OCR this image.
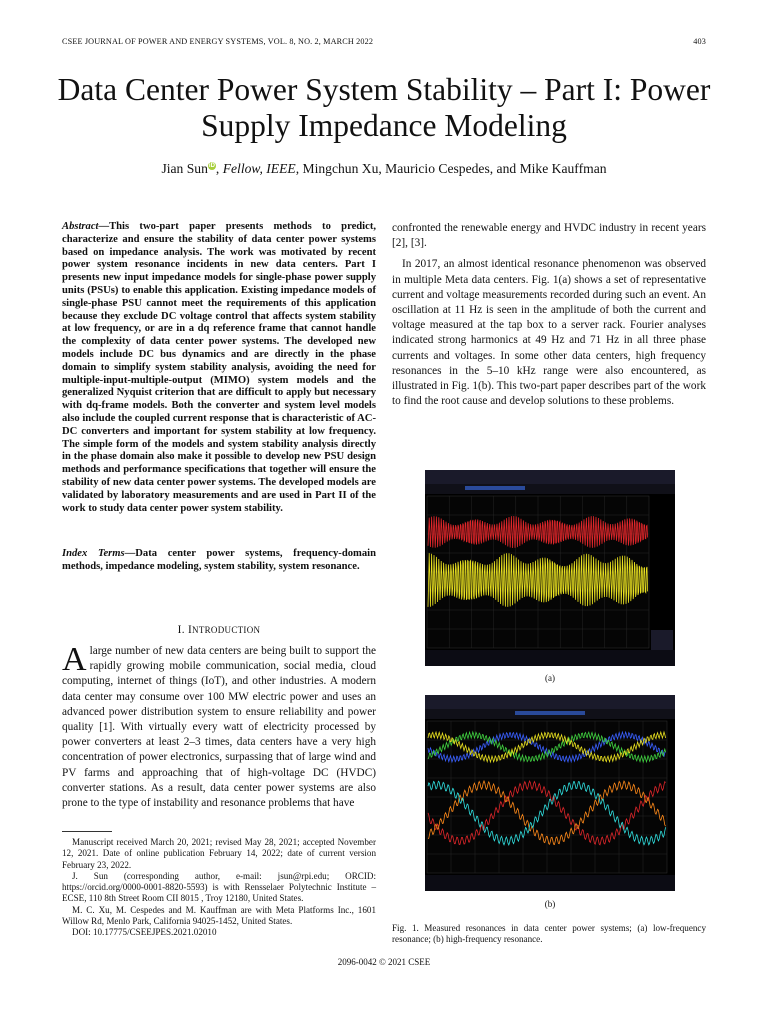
CSEE JOURNAL OF POWER AND ENERGY SYSTEMS, VOL. 8, NO. 2, MARCH 2022	403
Data Center Power System Stability – Part I: Power Supply Impedance Modeling
Jian SuniD, Fellow, IEEE, Mingchun Xu, Mauricio Cespedes, and Mike Kauffman
Abstract—This two-part paper presents methods to predict, characterize and ensure the stability of data center power systems based on impedance analysis. The work was motivated by recent power system resonance incidents in new data centers. Part I presents new input impedance models for single-phase power supply units (PSUs) to enable this application. Existing impedance models of single-phase PSU cannot meet the requirements of this application because they exclude DC voltage control that affects system stability at low frequency, or are in a dq reference frame that cannot handle the complexity of data center power systems. The developed new models include DC bus dynamics and are directly in the phase domain to simplify system stability analysis, avoiding the need for multiple-input-multiple-output (MIMO) system models and the generalized Nyquist criterion that are difficult to apply but necessary with dq-frame models. Both the converter and system level models also include the coupled current response that is characteristic of AC-DC converters and important for system stability at low frequency. The simple form of the models and system stability analysis directly in the phase domain also make it possible to develop new PSU design methods and performance specifications that together will ensure the stability of new data center power systems. The developed models are validated by laboratory measurements and are used in Part II of the work to study data center power system stability.
Index Terms—Data center power systems, frequency-domain methods, impedance modeling, system stability, system resonance.
I. INTRODUCTION
A large number of new data centers are being built to support the rapidly growing mobile communication, social media, cloud computing, internet of things (IoT), and other industries. A modern data center may consume over 100 MW electric power and uses an advanced power distribution system to ensure reliability and power quality [1]. With virtually every watt of electricity processed by power converters at least 2–3 times, data centers have a very high concentration of power electronics, surpassing that of large wind and PV farms and approaching that of high-voltage DC (HVDC) converter stations. As a result, data center power systems are also prone to the type of instability and resonance problems that have

Manuscript received March 20, 2021; revised May 28, 2021; accepted November 12, 2021. Date of online publication February 14, 2022; date of current version February 23, 2022.

J. Sun (corresponding author, e-mail: jsun@rpi.edu; ORCID: https://orcid.org/0000-0001-8820-5593) is with Rensselaer Polytechnic Institute – ECSE, 110 8th Street Room CII 8015 , Troy 12180, United States.

M. C. Xu, M. Cespedes and M. Kauffman are with Meta Platforms Inc., 1601 Willow Rd, Menlo Park, California 94025-1452, United States.

DOI: 10.17775/CSEEJPES.2021.02010

confronted the renewable energy and HVDC industry in recent years [2], [3].

In 2017, an almost identical resonance phenomenon was observed in multiple Meta data centers. Fig. 1(a) shows a set of representative current and voltage measurements recorded during such an event. An oscillation at 11 Hz is seen in the amplitude of both the current and voltage measured at the tap box to a server rack. Fourier analyses indicated strong harmonics at 49 Hz and 71 Hz in all three phase currents and voltages. In some other data centers, high frequency resonances in the 5–10 kHz range were also encountered, as illustrated in Fig. 1(b). This two-part paper describes part of the work to find the root cause and develop solutions to these problems.

(a)
(b)
Fig. 1. Measured resonances in data center power systems; (a) low-frequency resonance; (b) high-frequency resonance.
2096-0042 © 2021 CSEE
